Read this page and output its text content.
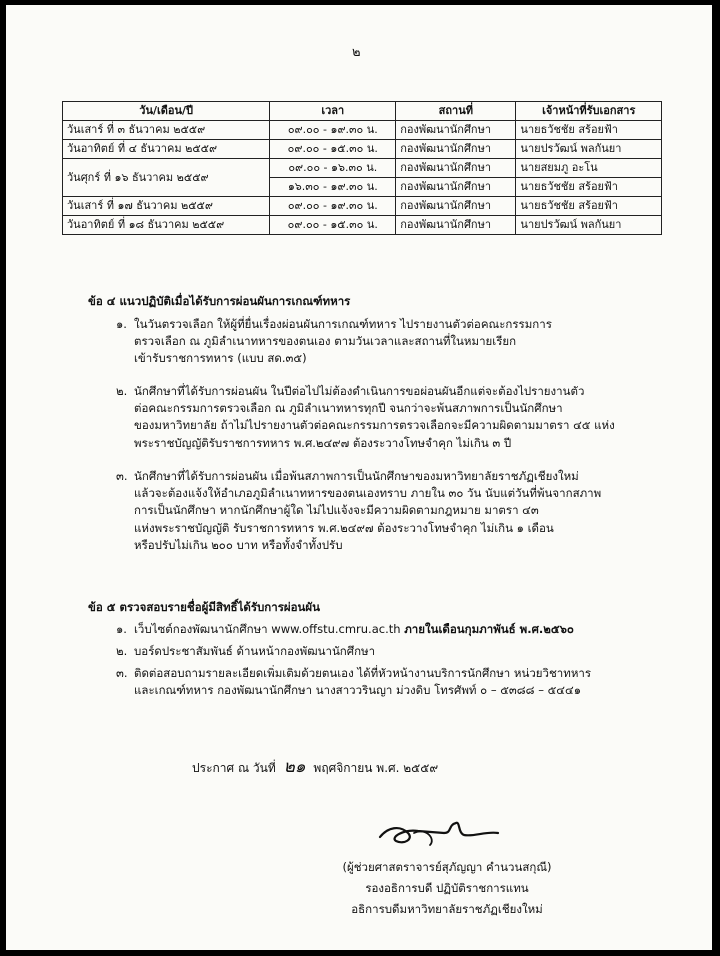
๒
วัน/เดือน/ปี	เวลา	สถานที่	เจ้าหน้าที่รับเอกสาร
วันเสาร์ ที่ ๓ ธันวาคม ๒๕๕๙	๐๙.๐๐ - ๑๙.๓๐ น.	กองพัฒนานักศึกษา	นายธวัชชัย สร้อยฟ้า
วันอาทิตย์ ที่ ๔ ธันวาคม ๒๕๕๙	๐๙.๐๐ - ๑๕.๓๐ น.	กองพัฒนานักศึกษา	นายปรวัฒน์ พลกันยา
วันศุกร์ ที่ ๑๖ ธันวาคม ๒๕๕๙	๐๙.๐๐ - ๑๖.๓๐ น.	กองพัฒนานักศึกษา	นายสยมภู อะโน
	๑๖.๓๐ - ๑๙.๓๐ น.	กองพัฒนานักศึกษา	นายธวัชชัย สร้อยฟ้า
วันเสาร์ ที่ ๑๗ ธันวาคม ๒๕๕๙	๐๙.๐๐ - ๑๙.๓๐ น.	กองพัฒนานักศึกษา	นายธวัชชัย สร้อยฟ้า
วันอาทิตย์ ที่ ๑๘ ธันวาคม ๒๕๕๙	๐๙.๐๐ - ๑๕.๓๐ น.	กองพัฒนานักศึกษา	นายปรวัฒน์ พลกันยา
ข้อ ๔ แนวปฏิบัติเมื่อได้รับการผ่อนผันการเกณฑ์ทหาร
๑. ในวันตรวจเลือก ให้ผู้ที่ยื่นเรื่องผ่อนผันการเกณฑ์ทหาร ไปรายงานตัวต่อคณะกรรมการ
ตรวจเลือก ณ ภูมิลำเนาทหารของตนเอง ตามวันเวลาและสถานที่ในหมายเรียก
เข้ารับราชการทหาร (แบบ สด.๓๕)
๒. นักศึกษาที่ได้รับการผ่อนผัน ในปีต่อไปไม่ต้องดำเนินการขอผ่อนผันอีกแต่จะต้องไปรายงานตัว
ต่อคณะกรรมการตรวจเลือก ณ ภูมิลำเนาทหารทุกปี จนกว่าจะพ้นสภาพการเป็นนักศึกษา
ของมหาวิทยาลัย ถ้าไม่ไปรายงานตัวต่อคณะกรรมการตรวจเลือกจะมีความผิดตามมาตรา ๔๕ แห่ง
พระราชบัญญัติรับราชการทหาร พ.ศ.๒๔๙๗ ต้องระวางโทษจำคุก ไม่เกิน ๓ ปี
๓. นักศึกษาที่ได้รับการผ่อนผัน เมื่อพ้นสภาพการเป็นนักศึกษาของมหาวิทยาลัยราชภัฏเชียงใหม่
แล้วจะต้องแจ้งให้อำเภอภูมิลำเนาทหารของตนเองทราบ ภายใน ๓๐ วัน นับแต่วันที่พ้นจากสภาพ
การเป็นนักศึกษา หากนักศึกษาผู้ใด ไม่ไปแจ้งจะมีความผิดตามกฎหมาย มาตรา ๔๓
แห่งพระราชบัญญัติ รับราชการทหาร พ.ศ.๒๔๙๗ ต้องระวางโทษจำคุก ไม่เกิน ๑ เดือน
หรือปรับไม่เกิน ๒๐๐ บาท หรือทั้งจำทั้งปรับ
ข้อ ๕ ตรวจสอบรายชื่อผู้มีสิทธิ์ได้รับการผ่อนผัน
๑. เว็บไซต์กองพัฒนานักศึกษา www.offstu.cmru.ac.th ภายในเดือนกุมภาพันธ์ พ.ศ.๒๕๖๐
๒. บอร์ดประชาสัมพันธ์ ด้านหน้ากองพัฒนานักศึกษา
๓. ติดต่อสอบถามรายละเอียดเพิ่มเติมด้วยตนเอง ได้ที่หัวหน้างานบริการนักศึกษา หน่วยวิชาทหาร
และเกณฑ์ทหาร กองพัฒนานักศึกษา นางสาววรินญา ม่วงดิบ โทรศัพท์ ๐ – ๕๓๘๘ – ๕๔๔๑
ประกาศ ณ วันที่ ๒๑ พฤศจิกายน พ.ศ. ๒๕๕๙
(ผู้ช่วยศาสตราจารย์สุภัญญา คำนวนสกุณี)
รองอธิการบดี ปฏิบัติราชการแทน
อธิการบดีมหาวิทยาลัยราชภัฏเชียงใหม่
